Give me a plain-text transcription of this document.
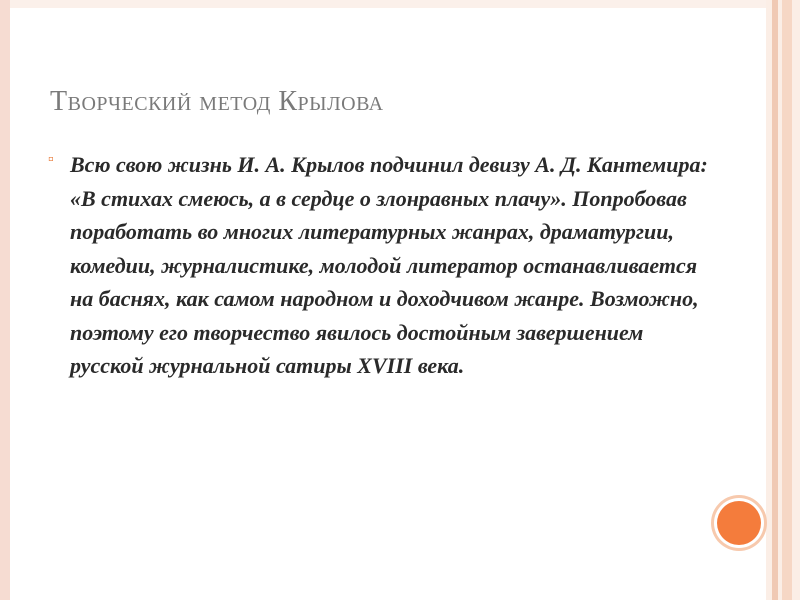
Творческий метод Крылова
▫ Всю свою жизнь И. А. Крылов подчинил девизу А. Д. Кантемира: «В стихах смеюсь, а в сердце о злонравных плачу». Попробовав поработать во многих литературных жанрах, драматургии, комедии, журналистике, молодой литератор останавливается на баснях, как самом народном и доходчивом жанре. Возможно, поэтому его творчество явилось достойным завершением русской журнальной сатиры XVIII века.
